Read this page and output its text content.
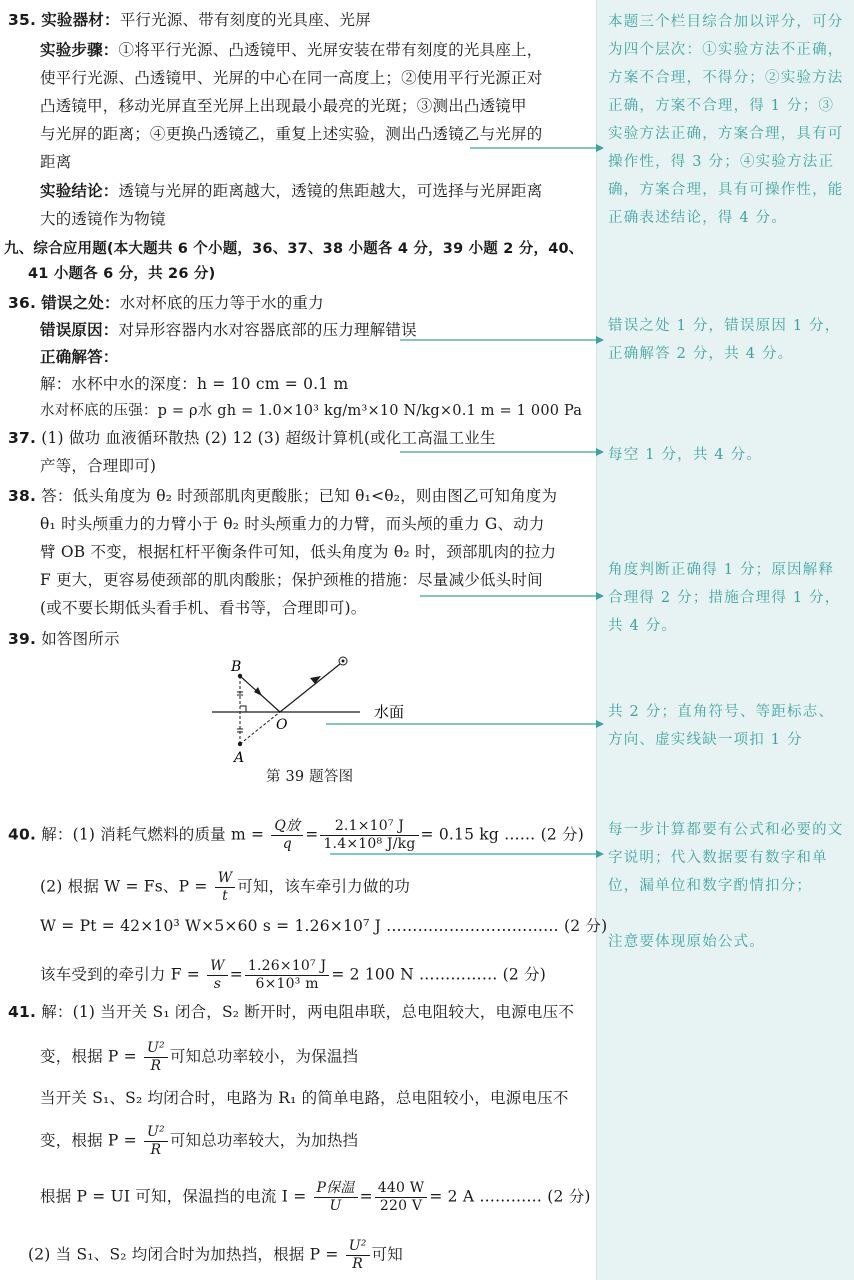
35. 实验器材：平行光源、带有刻度的光具座、光屏
实验步骤：①将平行光源、凸透镜甲、光屏安装在带有刻度的光具座上，
使平行光源、凸透镜甲、光屏的中心在同一高度上；②使用平行光源正对
凸透镜甲，移动光屏直至光屏上出现最小最亮的光斑；③测出凸透镜甲
与光屏的距离；④更换凸透镜乙，重复上述实验，测出凸透镜乙与光屏的
距离
实验结论：透镜与光屏的距离越大，透镜的焦距越大，可选择与光屏距离
大的透镜作为物镜
九、综合应用题(本大题共 6 个小题，36、37、38 小题各 4 分，39 小题 2 分，40、
41 小题各 6 分，共 26 分)
36. 错误之处：水对杯底的压力等于水的重力
错误原因：对异形容器内水对容器底部的压力理解错误
正确解答：
解：水杯中水的深度：h = 10 cm = 0.1 m
水对杯底的压强：p = ρ水 gh = 1.0×10³ kg/m³×10 N/kg×0.1 m = 1 000 Pa
37. (1) 做功 血液循环散热 (2) 12 (3) 超级计算机(或化工高温工业生
产等，合理即可)
38. 答：低头角度为 θ₂ 时颈部肌肉更酸胀；已知 θ₁<θ₂，则由图乙可知角度为
θ₁ 时头颅重力的力臂小于 θ₂ 时头颅重力的力臂，而头颅的重力 G、动力
臂 OB 不变，根据杠杆平衡条件可知，低头角度为 θ₂ 时，颈部肌肉的拉力
F 更大，更容易使颈部的肌肉酸胀；保护颈椎的措施：尽量减少低头时间
(或不要长期低头看手机、看书等，合理即可)。
39. 如答图所示
B
A
O
水面
第 39 题答图
40. 解：(1) 消耗气燃料的质量 $m = \frac{\text{Q放}}{q} = \frac{\text{2.1×10⁷ J}}{\text{1.4×10⁸ J/kg}} = 0.15$ kg …… (2 分)
(2) 根据 W = Fs、$P = \frac{W}{t}$ 可知，该车牵引力做的功
W = Pt = 42×10³ W×5×60 s = 1.26×10⁷ J …………………………… (2 分)
该车受到的牵引力 $F = \frac{W}{s} = \frac{\text{1.26×10⁷ J}}{\text{6×10³ m}} = 2$ 100 N …………… (2 分)
41. 解：(1) 当开关 S₁ 闭合，S₂ 断开时，两电阻串联，总电阻较大，电源电压不
变，根据 $P = \frac{\text{U²}}{R}$ 可知总功率较小，为保温挡
当开关 S₁、S₂ 均闭合时，电路为 R₁ 的简单电路，总电阻较小，电源电压不
变，根据 $P = \frac{\text{U²}}{R}$ 可知总功率较大，为加热挡
根据 P = UI 可知，保温挡的电流 $I = \frac{\text{P保温}}{U} = \frac{440 W}{220 V} = 2$ A ………… (2 分)
(2) 当 S₁、S₂ 均闭合时为加热挡，根据 $P = \frac{\text{U²}}{R}$ 可知
本题三个栏目综合加以评分，可分为四个层次：①实验方法不正确，方案不合理，不得分；②实验方法正确，方案不合理，得 1 分；③实验方法正确，方案合理，具有可操作性，得 3 分；④实验方法正确，方案合理，具有可操作性，能正确表述结论，得 4 分。
错误之处 1 分，错误原因 1 分，正确解答 2 分，共 4 分。
每空 1 分，共 4 分。
角度判断正确得 1 分；原因解释合理得 2 分；措施合理得 1 分，共 4 分。
共 2 分；直角符号、等距标志、方向、虚实线缺一项扣 1 分
每一步计算都要有公式和必要的文字说明；代入数据要有数字和单位，漏单位和数字酌情扣分；
注意要体现原始公式。
